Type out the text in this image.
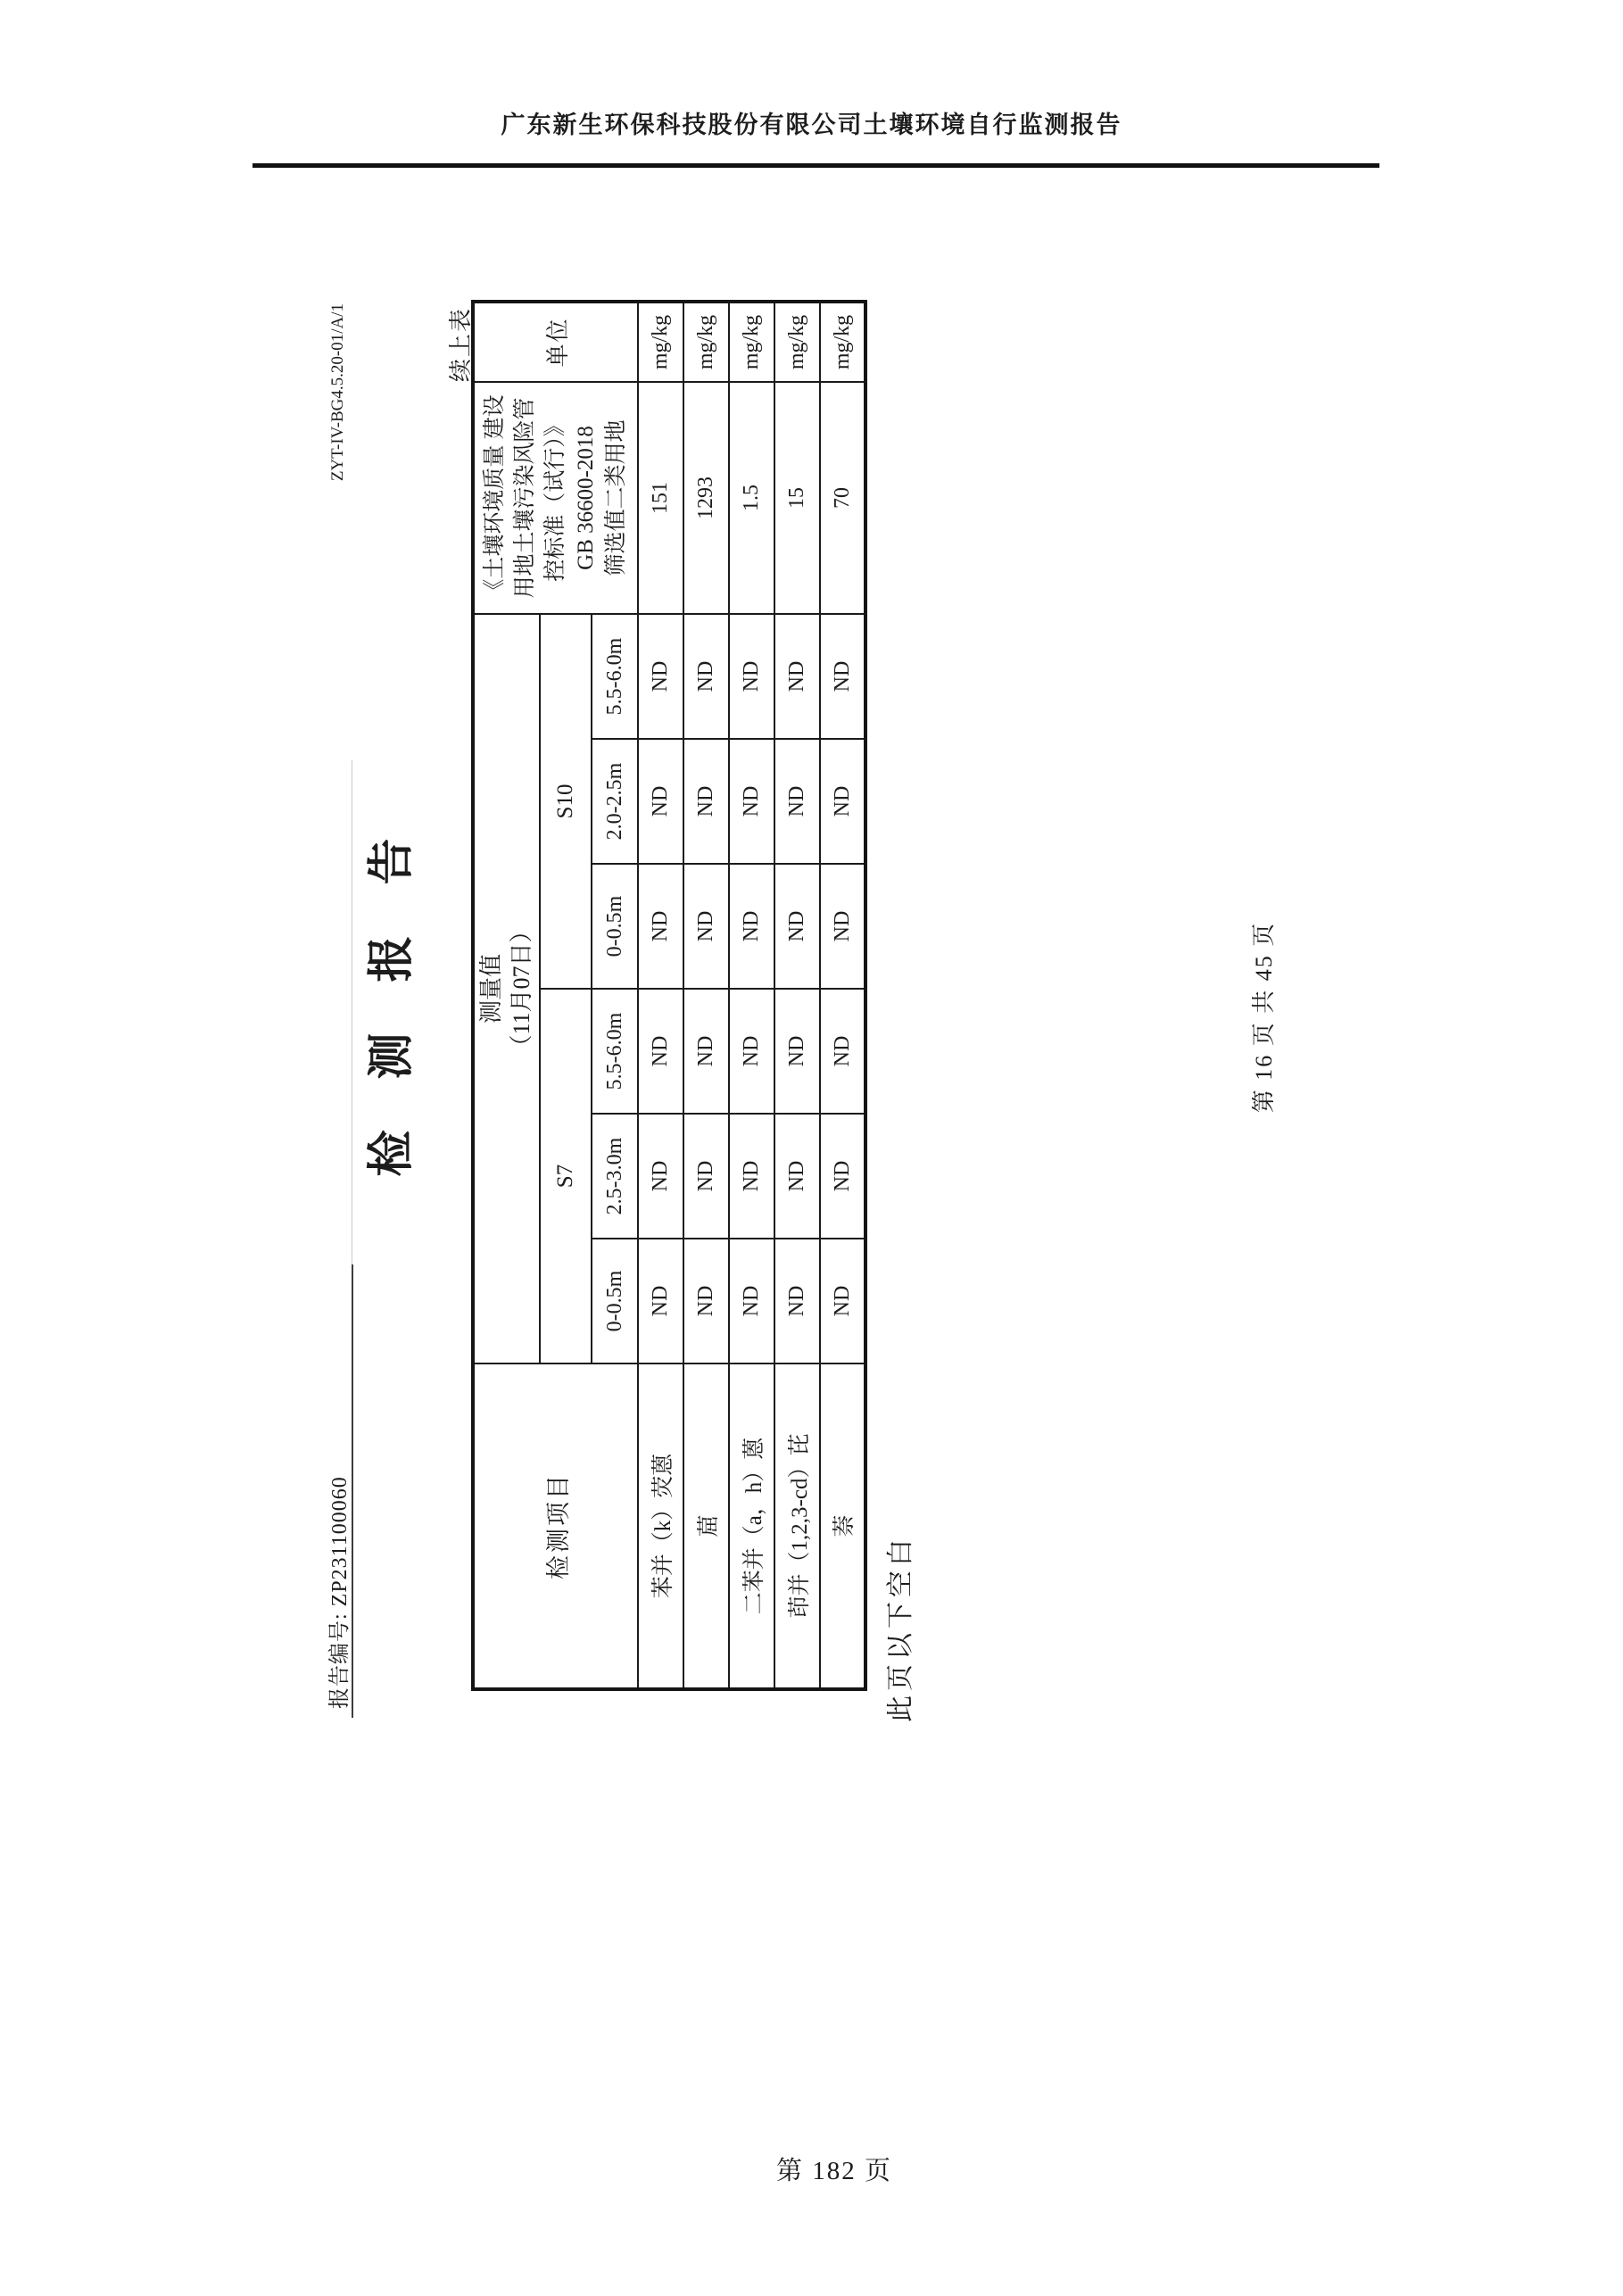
广东新生环保科技股份有限公司土壤环境自行监测报告
报告编号: ZP231100060
ZYT-IV-BG4.5.20-01/A/1
检 测 报 告
续上表
检测项目	
测量值 （11月07日）

《土壤环境质量 建设 用地土壤污染风险管 控标准（试行）》 GB 36600-2018 筛选值二类用地
	单位
	S7			S10				
	0-0.5m	2.5-3.0m	5.5-6.0m	0-0.5m	2.0-2.5m	5.5-6.0m		
苯并（k）荧蒽	ND	ND	ND	ND	ND	ND	151	mg/kg
䓛	ND	ND	ND	ND	ND	ND	1293	mg/kg
二苯并（a，h）蒽	ND	ND	ND	ND	ND	ND	1.5	mg/kg
茚并（1,2,3-cd）芘	ND	ND	ND	ND	ND	ND	15	mg/kg
萘	ND	ND	ND	ND	ND	ND	70	mg/kg
此页以下空白
第 16 页 共 45 页
第 182 页
